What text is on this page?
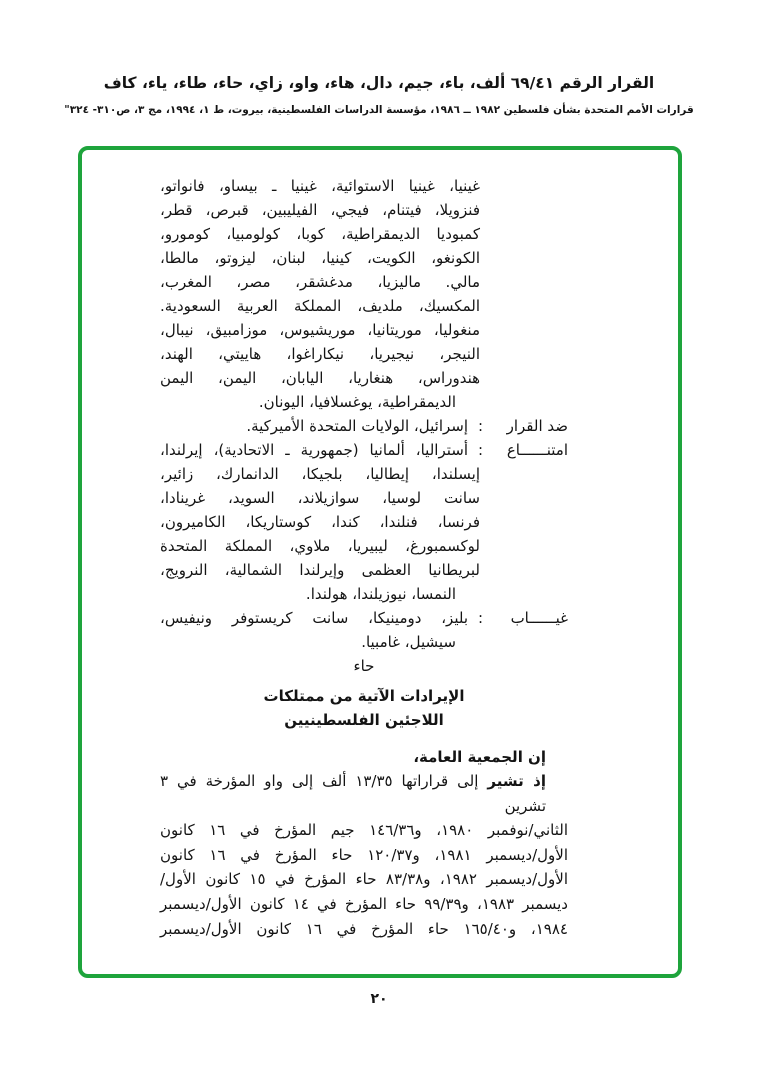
القرار الرقم ٦٩/٤١ ألف، باء، جيم، دال، هاء، واو، زاي، حاء، طاء، ياء، كاف
قرارات الأمم المتحدة بشأن فلسطين ١٩٨٢ ــ ١٩٨٦، مؤسسة الدراسات الفلسطينية، بيروت، ط ١، ١٩٩٤، مج ٣، ص٣١٠- ٣٢٤"
غينيا، غينيا الاستوائية، غينيا ـ بيساو، فانواتو،
فنزويلا، فيتنام، فيجي، الفيليبين، قبرص، قطر،
كمبوديا الديمقراطية، كوبا، كولومبيا، كومورو،
الكونغو، الكويت، كينيا، لبنان، ليزوتو، مالطا،
مالي. ماليزيا، مدغشقر، مصر، المغرب،
المكسيك، ملديف، المملكة العربية السعودية.
منغوليا، موريتانيا، موريشيوس، موزامبيق، نيبال،
النيجر، نيجيريا، نيكاراغوا، هاييتي، الهند،
هندوراس، هنغاريا، اليابان، اليمن، اليمن
الديمقراطية، يوغسلافيا، اليونان.
ضد القرار
:
إسرائيل، الولايات المتحدة الأميركية.
امتنــــــاع
:
أستراليا، ألمانيا (جمهورية ـ الاتحادية)، إيرلندا،
إيسلندا، إيطاليا، بلجيكا، الدانمارك، زائير،
سانت لوسيا، سوازيلاند، السويد، غرينادا،
فرنسا، فنلندا، كندا، كوستاريكا، الكاميرون،
لوكسمبورغ، ليبيريا، ملاوي، المملكة المتحدة
لبريطانيا العظمى وإيرلندا الشمالية، النرويج،
النمسا، نيوزيلندا، هولندا.
غيــــــاب
:
بليز، دومينيكا، سانت كريستوفر ونيفيس،
سيشيل، غامبيا.
حاء
الإيرادات الآتية من ممتلكات
اللاجئين الفلسطينيين
إن الجمعية العامة،
إذ تشير إلى قراراتها ١٣/٣٥ ألف إلى واو المؤرخة في ٣ تشرين
الثاني/نوفمبر ١٩٨٠، و١٤٦/٣٦ جيم المؤرخ في ١٦ كانون
الأول/ديسمبر ١٩٨١، و١٢٠/٣٧ حاء المؤرخ في ١٦ كانون
الأول/ديسمبر ١٩٨٢، و٨٣/٣٨ حاء المؤرخ في ١٥ كانون الأول/
ديسمبر ١٩٨٣، و٩٩/٣٩ حاء المؤرخ في ١٤ كانون الأول/ديسمبر
١٩٨٤، و١٦٥/٤٠ حاء المؤرخ في ١٦ كانون الأول/ديسمبر
٢٠
